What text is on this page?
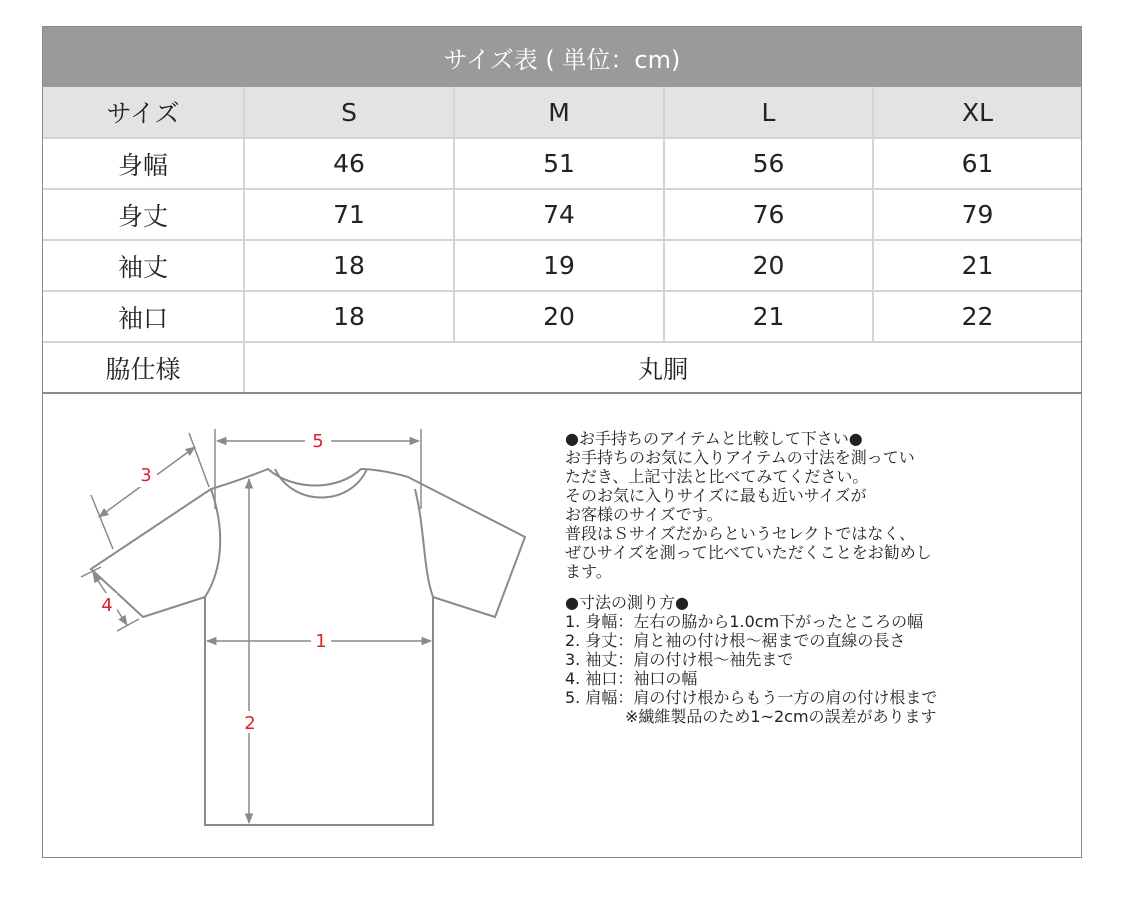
サイズ表 ( 単位：cm)
サイズ	S	M	L	XL
身幅	46	51	56	61
身丈	71	74	76	79
袖丈	18	19	20	21
袖口	18	20	21	22
脇仕様	丸胴			
5
3
4
1
2

●お手持ちのアイテムと比較して下さい●

お手持ちのお気に入りアイテムの寸法を測ってい

ただき、上記寸法と比べてみてください。

そのお気に入りサイズに最も近いサイズが

お客様のサイズです。

普段はＳサイズだからというセレクトではなく、

ぜひサイズを測って比べていただくことをお勧めし

ます。

●寸法の測り方●

1. 身幅：左右の脇から1.0cm下がったところの幅

2. 身丈：肩と袖の付け根～裾までの直線の長さ

3. 袖丈：肩の付け根～袖先まで

4. 袖口：袖口の幅

5. 肩幅：肩の付け根からもう一方の肩の付け根まで

※繊維製品のため1~2cmの誤差があります
